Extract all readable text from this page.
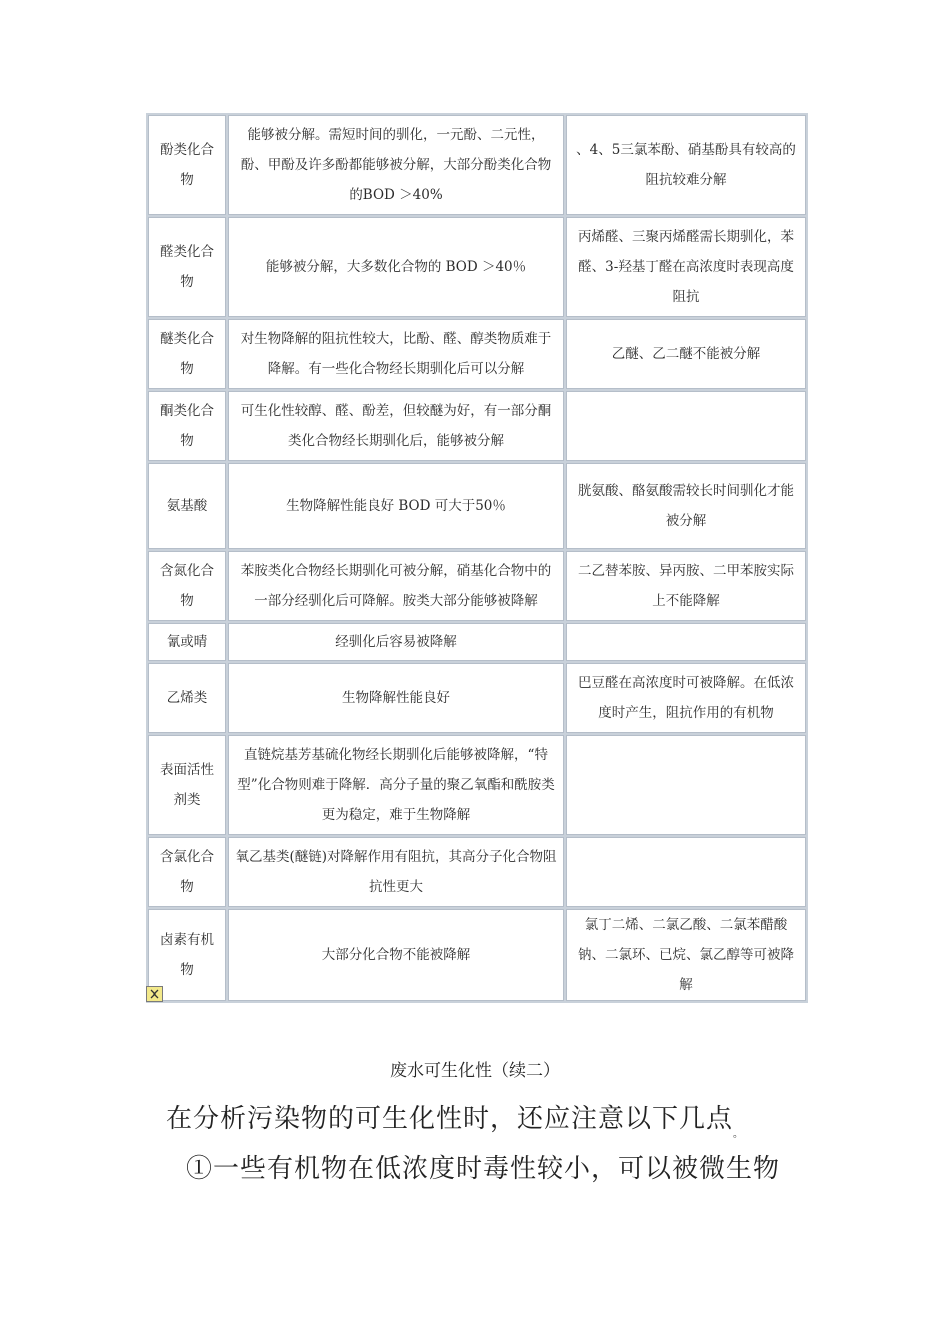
酚类化合物	能够被分解。需短时间的驯化，一元酚、二元性，酚、甲酚及许多酚都能够被分解，大部分酚类化合物的BOD ＞40%	、4、5三氯苯酚、硝基酚具有较高的阻抗较难分解
醛类化合物	能够被分解，大多数化合物的 BOD ＞40％	丙烯醛、三聚丙烯醛需长期驯化，苯醛、3-羟基丁醛在高浓度时表现高度阻抗
醚类化合物	对生物降解的阻抗性较大，比酚、醛、醇类物质难于降解。有一些化合物经长期驯化后可以分解	乙醚、乙二醚不能被分解
酮类化合物	可生化性较醇、醛、酚差，但较醚为好，有一部分酮类化合物经长期驯化后，能够被分解	
氨基酸	生物降解性能良好 BOD 可大于50％	胱氨酸、酪氨酸需较长时间驯化才能被分解
含氮化合物	苯胺类化合物经长期驯化可被分解，硝基化合物中的一部分经驯化后可降解。胺类大部分能够被降解	二乙替苯胺、异丙胺、二甲苯胺实际上不能降解
氰或晴	经驯化后容易被降解	
乙烯类	生物降解性能良好	巴豆醛在高浓度时可被降解。在低浓度时产生，阻抗作用的有机物
表面活性剂类	直链烷基芳基硫化物经长期驯化后能够被降解，“特型”化合物则难于降解．高分子量的聚乙氧酯和酰胺类更为稳定，难于生物降解	
含氯化合物	氧乙基类(醚链)对降解作用有阻抗，其高分子化合物阻抗性更大	
卤素有机物	大部分化合物不能被降解	氯丁二烯、二氯乙酸、二氯苯醋酸钠、二氯环、已烷、氯乙醇等可被降解
废水可生化性（续二）
在分析污染物的可生化性时，还应注意以下几点$_。$
①一些有机物在低浓度时毒性较小，可以被微生物
